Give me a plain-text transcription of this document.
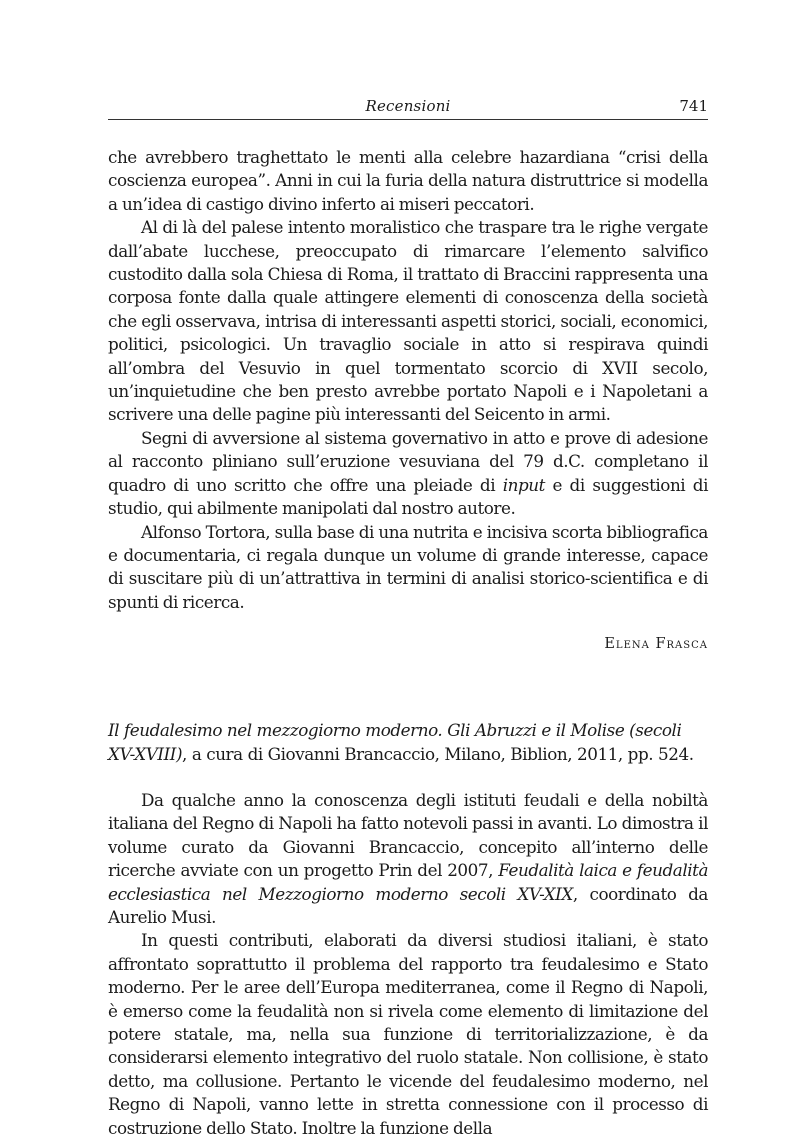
Recensioni	741

che avrebbero traghettato le menti alla celebre hazardiana “crisi della coscienza europea”. Anni in cui la furia della natura distruttrice si modella a un’idea di castigo divino inferto ai miseri peccatori.

Al di là del palese intento moralistico che traspare tra le righe vergate dall’abate lucchese, preoccupato di rimarcare l’elemento salvifico custodito dalla sola Chiesa di Roma, il trattato di Braccini rappresenta una corposa fonte dalla quale attingere elementi di conoscenza della società che egli osservava, intrisa di interessanti aspetti storici, sociali, economici, politici, psicologici. Un travaglio sociale in atto si respirava quindi all’ombra del Vesuvio in quel tormentato scorcio di XVII secolo, un’inquietudine che ben presto avrebbe portato Napoli e i Napoletani a scrivere una delle pagine più interessanti del Seicento in armi.

Segni di avversione al sistema governativo in atto e prove di adesione al racconto pliniano sull’eruzione vesuviana del 79 d.C. completano il quadro di uno scritto che offre una pleiade di input e di suggestioni di studio, qui abilmente manipolati dal nostro autore.

Alfonso Tortora, sulla base di una nutrita e incisiva scorta bibliografica e documentaria, ci regala dunque un volume di grande interesse, capace di suscitare più di un’attrattiva in termini di analisi storico-scientifica e di spunti di ricerca.

Elena Frasca
Il feudalesimo nel mezzogiorno moderno. Gli Abruzzi e il Molise (secoli XV-XVIII), a cura di Giovanni Brancaccio, Milano, Biblion, 2011, pp. 524.

Da qualche anno la conoscenza degli istituti feudali e della nobiltà italiana del Regno di Napoli ha fatto notevoli passi in avanti. Lo dimostra il volume curato da Giovanni Brancaccio, concepito all’interno delle ricerche avviate con un progetto Prin del 2007, Feudalità laica e feudalità ecclesiastica nel Mezzogiorno moderno secoli XV-XIX, coordinato da Aurelio Musi.

In questi contributi, elaborati da diversi studiosi italiani, è stato affrontato soprattutto il problema del rapporto tra feudalesimo e Stato moderno. Per le aree dell’Europa mediterranea, come il Regno di Napoli, è emerso come la feudalità non si rivela come elemento di limitazione del potere statale, ma, nella sua funzione di territorializzazione, è da considerarsi elemento integrativo del ruolo statale. Non collisione, è stato detto, ma collusione. Pertanto le vicende del feudalesimo moderno, nel Regno di Napoli, vanno lette in stretta connessione con il processo di costruzione dello Stato. Inoltre la funzione della
